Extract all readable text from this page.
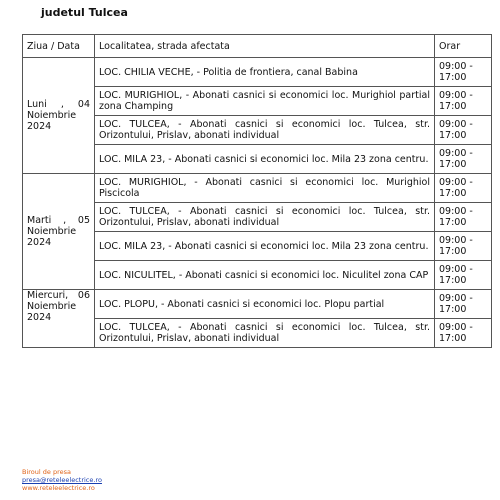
judetul Tulcea
Ziua / Data	Localitatea, strada afectata	Orar
Luni , 04 Noiembrie 2024	LOC. CHILIA VECHE, - Politia de frontiera, canal Babina	09:00 - 17:00
	LOC. MURIGHIOL, - Abonati casnici si economici loc. Murighiol partial zona Champing	09:00 - 17:00
	LOC. TULCEA, - Abonati casnici si economici loc. Tulcea, str. Orizontului, Prislav, abonati individual	09:00 - 17:00
	LOC. MILA 23, - Abonati casnici si economici loc. Mila 23 zona centru.	09:00 - 17:00
Marti , 05 Noiembrie 2024	LOC. MURIGHIOL, - Abonati casnici si economici loc. Murighiol Piscicola	09:00 - 17:00
	LOC. TULCEA, - Abonati casnici si economici loc. Tulcea, str. Orizontului, Prislav, abonati individual	09:00 - 17:00
	LOC. MILA 23, - Abonati casnici si economici loc. Mila 23 zona centru.	09:00 - 17:00
	LOC. NICULITEL, - Abonati casnici si economici loc. Niculitel zona CAP	09:00 - 17:00
Miercuri, 06 Noiembrie 2024	LOC. PLOPU, - Abonati casnici si economici loc. Plopu partial	09:00 - 17:00
	LOC. TULCEA, - Abonati casnici si economici loc. Tulcea, str. Orizontului, Prislav, abonati individual	09:00 - 17:00
Biroul de presa
presa@reteleelectrice.ro
www.reteleelectrice.ro
